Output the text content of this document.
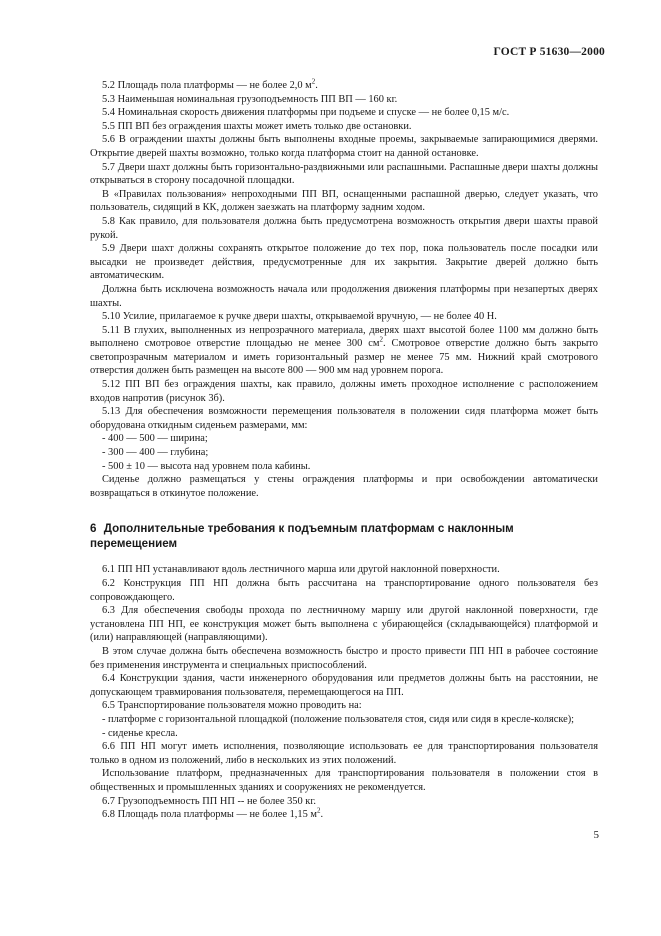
ГОСТ Р 51630—2000

5.2 Площадь пола платформы — не более 2,0 $м^2$.

5.3 Наименьшая номинальная грузоподъемность ПП ВП — 160 кг.

5.4 Номинальная скорость движения платформы при подъеме и спуске — не более 0,15 м/с.

5.5 ПП ВП без ограждения шахты может иметь только две остановки.

5.6 В ограждении шахты должны быть выполнены входные проемы, закрываемые запирающимися дверями. Открытие дверей шахты возможно, только когда платформа стоит на данной остановке.

5.7 Двери шахт должны быть горизонтально-раздвижными или распашными. Распашные двери шахты должны открываться в сторону посадочной площадки.

В «Правилах пользования» непроходными ПП ВП, оснащенными распашной дверью, следует указать, что пользователь, сидящий в КК, должен заезжать на платформу задним ходом.

5.8 Как правило, для пользователя должна быть предусмотрена возможность открытия двери шахты правой рукой.

5.9 Двери шахт должны сохранять открытое положение до тех пор, пока пользователь после посадки или высадки не произведет действия, предусмотренные для их закрытия. Закрытие дверей должно быть автоматическим.

Должна быть исключена возможность начала или продолжения движения платформы при незапертых дверях шахты.

5.10 Усилие, прилагаемое к ручке двери шахты, открываемой вручную, — не более 40 Н.

5.11 В глухих, выполненных из непрозрачного материала, дверях шахт высотой более 1100 мм должно быть выполнено смотровое отверстие площадью не менее 300 $см^2$. Смотровое отверстие должно быть закрыто светопрозрачным материалом и иметь горизонтальный размер не менее 75 мм. Нижний край смотрового отверстия должен быть размещен на высоте 800 — 900 мм над уровнем порога.

5.12 ПП ВП без ограждения шахты, как правило, должны иметь проходное исполнение с расположением входов напротив (рисунок 3б).

5.13 Для обеспечения возможности перемещения пользователя в положении сидя платформа может быть оборудована откидным сиденьем размерами, мм:

- 400 — 500 — ширина;

- 300 — 400 — глубина;

- 500 ± 10 — высота над уровнем пола кабины.

Сиденье должно размещаться у стены ограждения платформы и при освобождении автоматически возвращаться в откинутое положение.

6 Дополнительные требования к подъемным платформам с наклонным перемещением

6.1 ПП НП устанавливают вдоль лестничного марша или другой наклонной поверхности.

6.2 Конструкция ПП НП должна быть рассчитана на транспортирование одного пользователя без сопровождающего.

6.3 Для обеспечения свободы прохода по лестничному маршу или другой наклонной поверхности, где установлена ПП НП, ее конструкция может быть выполнена с убирающейся (складывающейся) платформой и (или) направляющей (направляющими).

В этом случае должна быть обеспечена возможность быстро и просто привести ПП НП в рабочее состояние без применения инструмента и специальных приспособлений.

6.4 Конструкции здания, части инженерного оборудования или предметов должны быть на расстоянии, не допускающем травмирования пользователя, перемещающегося на ПП.

6.5 Транспортирование пользователя можно проводить на:

- платформе с горизонтальной площадкой (положение пользователя стоя, сидя или сидя в кресле-коляске);

- сиденье кресла.

6.6 ПП НП могут иметь исполнения, позволяющие использовать ее для транспортирования пользователя только в одном из положений, либо в нескольких из этих положений.

Использование платформ, предназначенных для транспортирования пользователя в положении стоя в общественных и промышленных зданиях и сооружениях не рекомендуется.

6.7 Грузоподъемность ПП НП -- не более 350 кг.

6.8 Площадь пола платформы — не более 1,15 $м^2$.

5
